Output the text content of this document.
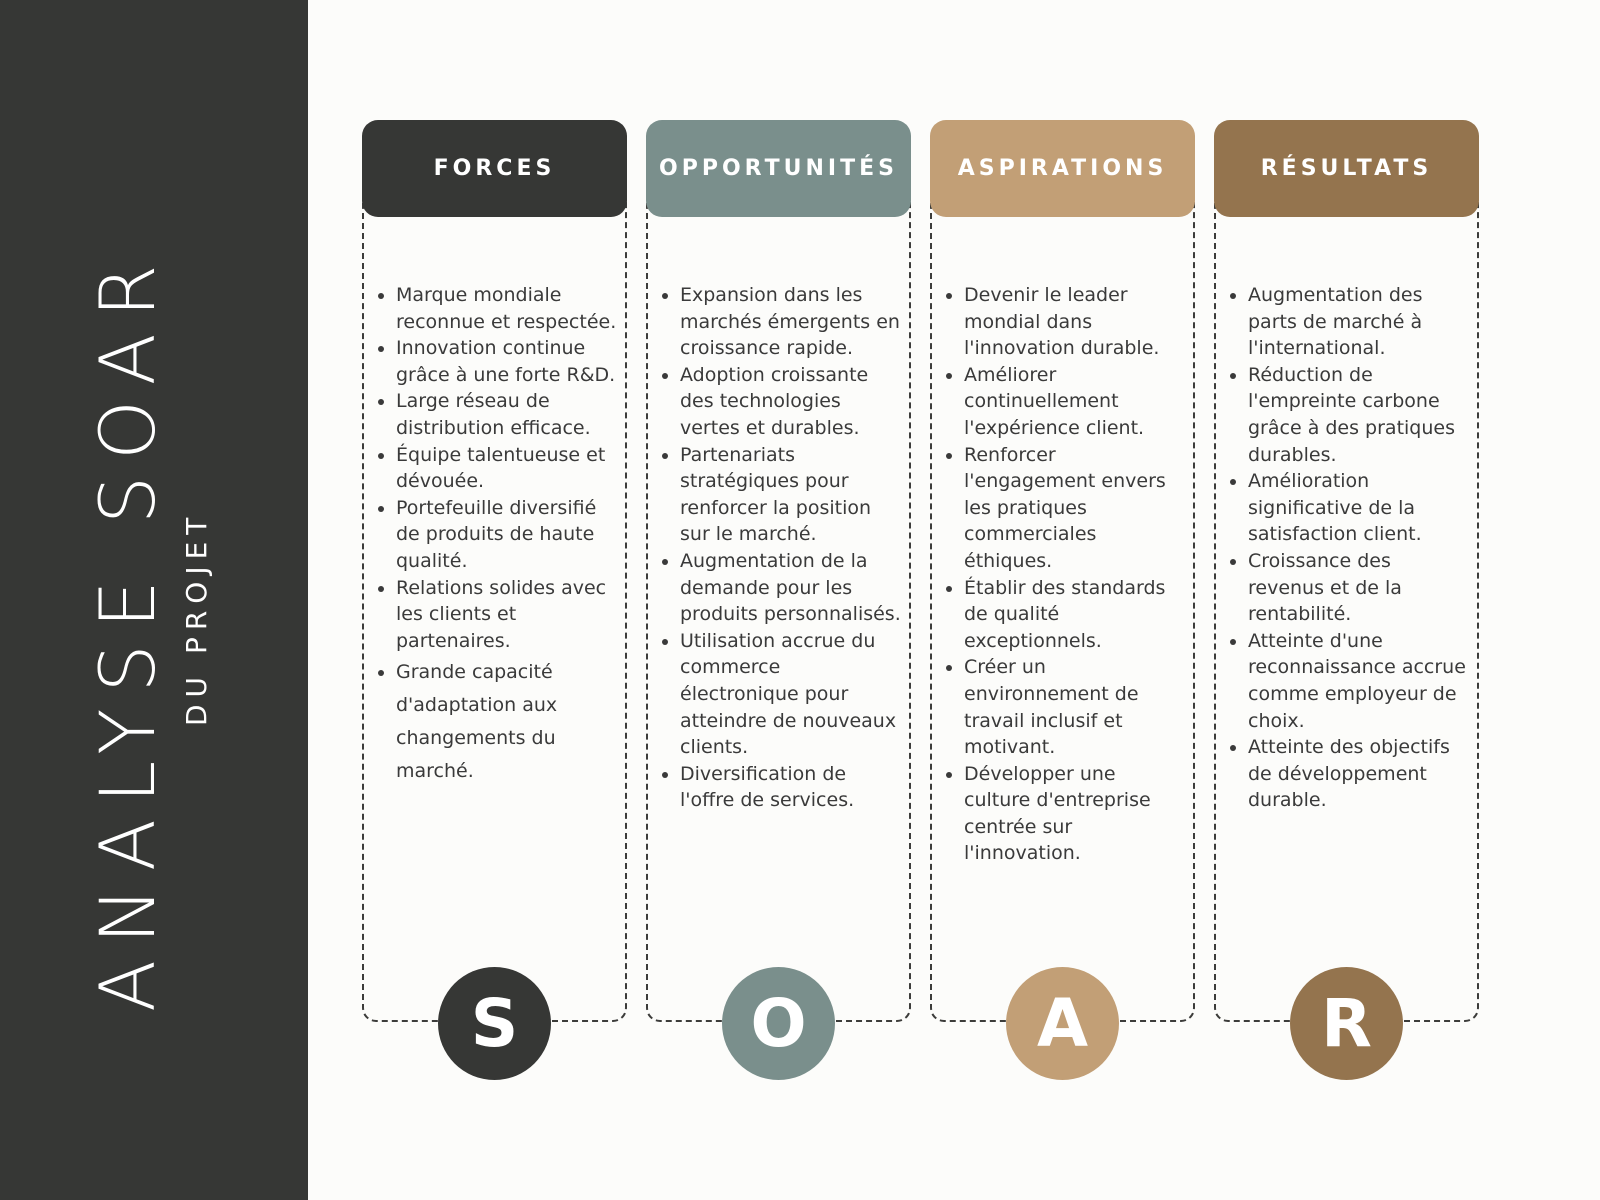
ANALYSE SOAR DU PROJET
FORCES
• Marque mondiale reconnue et respectée.
• Innovation continue grâce à une forte R&D.
• Large réseau de distribution efficace.
• Équipe talentueuse et dévouée.
• Portefeuille diversifié de produits de haute qualité.
• Relations solides avec les clients et partenaires.
• Grande capacité d'adaptation aux changements du marché.
S
OPPORTUNITÉS
• Expansion dans les marchés émergents en croissance rapide.
• Adoption croissante des technologies vertes et durables.
• Partenariats stratégiques pour renforcer la position sur le marché.
• Augmentation de la demande pour les produits personnalisés.
• Utilisation accrue du commerce électronique pour atteindre de nouveaux clients.
• Diversification de l'offre de services.
O
ASPIRATIONS
• Devenir le leader mondial dans l'innovation durable.
• Améliorer continuellement l'expérience client.
• Renforcer l'engagement envers les pratiques commerciales éthiques.
• Établir des standards de qualité exceptionnels.
• Créer un environnement de travail inclusif et motivant.
• Développer une culture d'entreprise centrée sur l'innovation.
A
RÉSULTATS
• Augmentation des parts de marché à l'international.
• Réduction de l'empreinte carbone grâce à des pratiques durables.
• Amélioration significative de la satisfaction client.
• Croissance des revenus et de la rentabilité.
• Atteinte d'une reconnaissance accrue comme employeur de choix.
• Atteinte des objectifs de développement durable.
R
